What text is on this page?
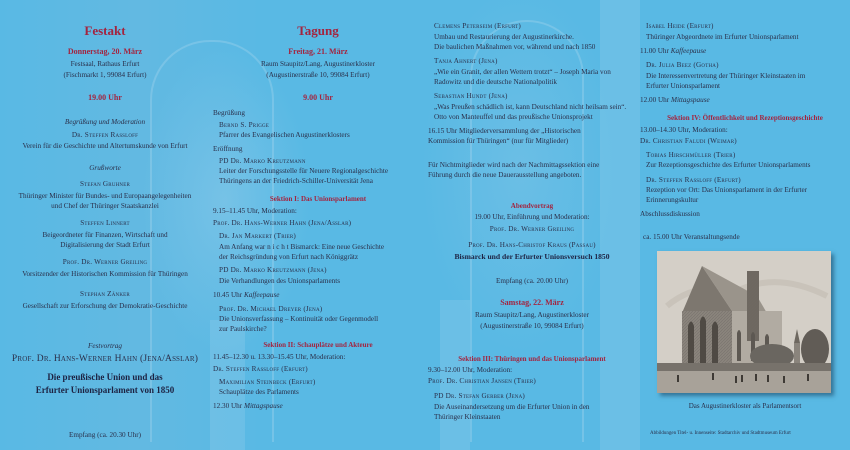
Festakt
Donnerstag, 20. März
Festsaal, Rathaus Erfurt
(Fischmarkt 1, 99084 Erfurt)
19.00 Uhr
Begrüßung und Moderation
Dr. Steffen Raßloff
Verein für die Geschichte und Altertumskunde von Erfurt
Grußworte
Stefan Gruhner
Thüringer Minister für Bundes- und Europaangelegenheiten
und Chef der Thüringer Staatskanzlei
Steffen Linnert
Beigeordneter für Finanzen, Wirtschaft und
Digitalisierung der Stadt Erfurt
Prof. Dr. Werner Greiling
Vorsitzender der Historischen Kommission für Thüringen
Stephan Zänker
Gesellschaft zur Erforschung der Demokratie-Geschichte
Festvortrag
Prof. Dr. Hans-Werner Hahn (Jena/Aßlar)
Die preußische Union und das
Erfurter Unionsparlament von 1850
Empfang (ca. 20.30 Uhr)
Tagung
Freitag, 21. März
Raum Staupitz/Lang, Augustinerkloster
(Augustinerstraße 10, 99084 Erfurt)
9.00 Uhr
Begrüßung
Bernd S. Prigge
Pfarrer des Evangelischen Augustinerklosters
Eröffnung
PD Dr. Marko Kreutzmann
Leiter der Forschungsstelle für Neuere Regionalgeschichte
Thüringens an der Friedrich-Schiller-Universität Jena
Sektion I: Das Unionsparlament
9.15–11.45 Uhr, Moderation:
Prof. Dr. Hans-Werner Hahn (Jena/Aßlar)
Dr. Jan Markert (Trier)
Am Anfang war n i c h t Bismarck: Eine neue Geschichte
der Reichsgründung von Erfurt nach Königgrätz
PD Dr. Marko Kreutzmann (Jena)
Die Verhandlungen des Unionsparlaments
10.45 Uhr Kaffeepause
Prof. Dr. Michael Dreyer (Jena)
Die Unionsverfassung – Kontinuität oder Gegenmodell
zur Paulskirche?
Sektion II: Schauplätze und Akteure
11.45–12.30 u. 13.30–15.45 Uhr, Moderation:
Dr. Steffen Raßloff (Erfurt)
Maximilian Steinbeck (Erfurt)
Schauplätze des Parlaments
12.30 Uhr Mittagspause
Clemens Peterseim (Erfurt)
Umbau und Restaurierung der Augustinerkirche.
Die baulichen Maßnahmen vor, während und nach 1850
Tanja Ahnert (Jena)
„Wie ein Granit, der allen Wettern trotzt“ – Joseph Maria von
Radowitz und die deutsche Nationalpolitik
Sebastian Hundt (Jena)
„Was Preußen schädlich ist, kann Deutschland nicht heilsam sein“.
Otto von Manteuffel und das preußische Unionsprojekt
16.15 Uhr Mitgliederversammlung der „Historischen
Kommission für Thüringen“ (nur für Mitglieder)
Für Nichtmitglieder wird nach der Nachmittagssektion eine
Führung durch die neue Dauerausstellung angeboten.
Abendvortrag
19.00 Uhr, Einführung und Moderation:
Prof. Dr. Werner Greiling
Prof. Dr. Hans-Christof Kraus (Passau)
Bismarck und der Erfurter Unionsversuch 1850
Empfang (ca. 20.00 Uhr)
Samstag, 22. März
Raum Staupitz/Lang, Augustinerkloster
(Augustinerstraße 10, 99084 Erfurt)
Sektion III: Thüringen und das Unionsparlament
9.30–12.00 Uhr, Moderation:
Prof. Dr. Christian Jansen (Trier)
PD Dr. Stefan Gerber (Jena)
Die Auseinandersetzung um die Erfurter Union in den
Thüringer Kleinstaaten
Isabel Heide (Erfurt)
Thüringer Abgeordnete im Erfurter Unionsparlament
11.00 Uhr Kaffeepause
Dr. Julia Beez (Gotha)
Die Interessenvertretung der Thüringer Kleinstaaten im
Erfurter Unionsparlament
12.00 Uhr Mittagspause
Sektion IV: Öffentlichkeit und Rezeptionsgeschichte
13.00–14.30 Uhr, Moderation:
Dr. Christian Faludi (Weimar)
Tobias Hirschmüller (Trier)
Zur Rezeptionsgeschichte des Erfurter Unionsparlaments
Dr. Steffen Raßloff (Erfurt)
Rezeption vor Ort: Das Unionsparlament in der Erfurter
Erinnerungskultur
Abschlussdiskussion
ca. 15.00 Uhr Veranstaltungsende
Das Augustinerkloster als Parlamentsort
Abbildungen Titel- u. Innenseite: Stadtarchiv und Stadtmuseum Erfurt
